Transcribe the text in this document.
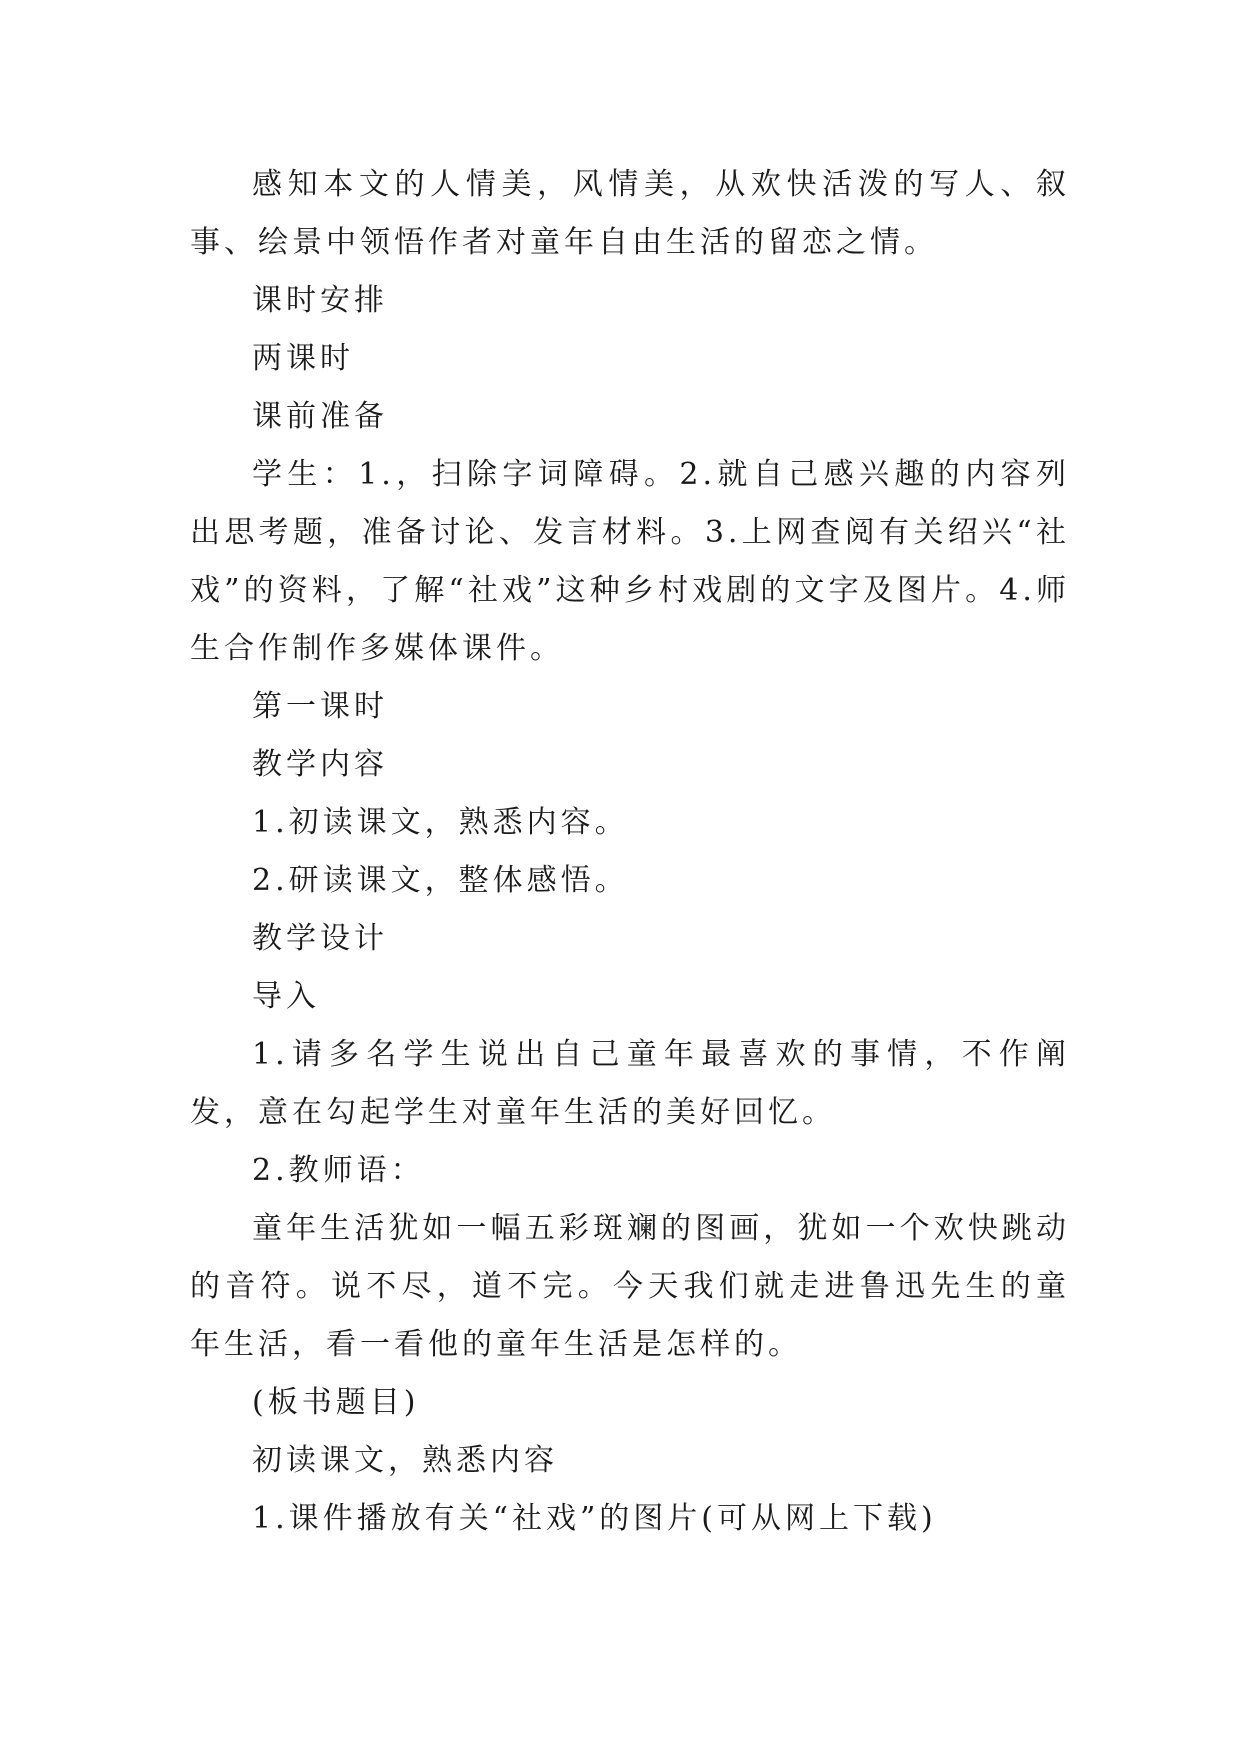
感知本文的人情美，风情美，从欢快活泼的写人、叙事、绘景中领悟作者对童年自由生活的留恋之情。

课时安排

两课时

课前准备

学生：1.，扫除字词障碍。2.就自己感兴趣的内容列出思考题，准备讨论、发言材料。3.上网查阅有关绍兴“社戏”的资料，了解“社戏”这种乡村戏剧的文字及图片。4.师生合作制作多媒体课件。

第一课时

教学内容

1.初读课文，熟悉内容。

2.研读课文，整体感悟。

教学设计

导入

1.请多名学生说出自己童年最喜欢的事情，不作阐发，意在勾起学生对童年生活的美好回忆。

2.教师语：

童年生活犹如一幅五彩斑斓的图画，犹如一个欢快跳动的音符。说不尽，道不完。今天我们就走进鲁迅先生的童年生活，看一看他的童年生活是怎样的。

(板书题目)

初读课文，熟悉内容

1.课件播放有关“社戏”的图片(可从网上下载)
